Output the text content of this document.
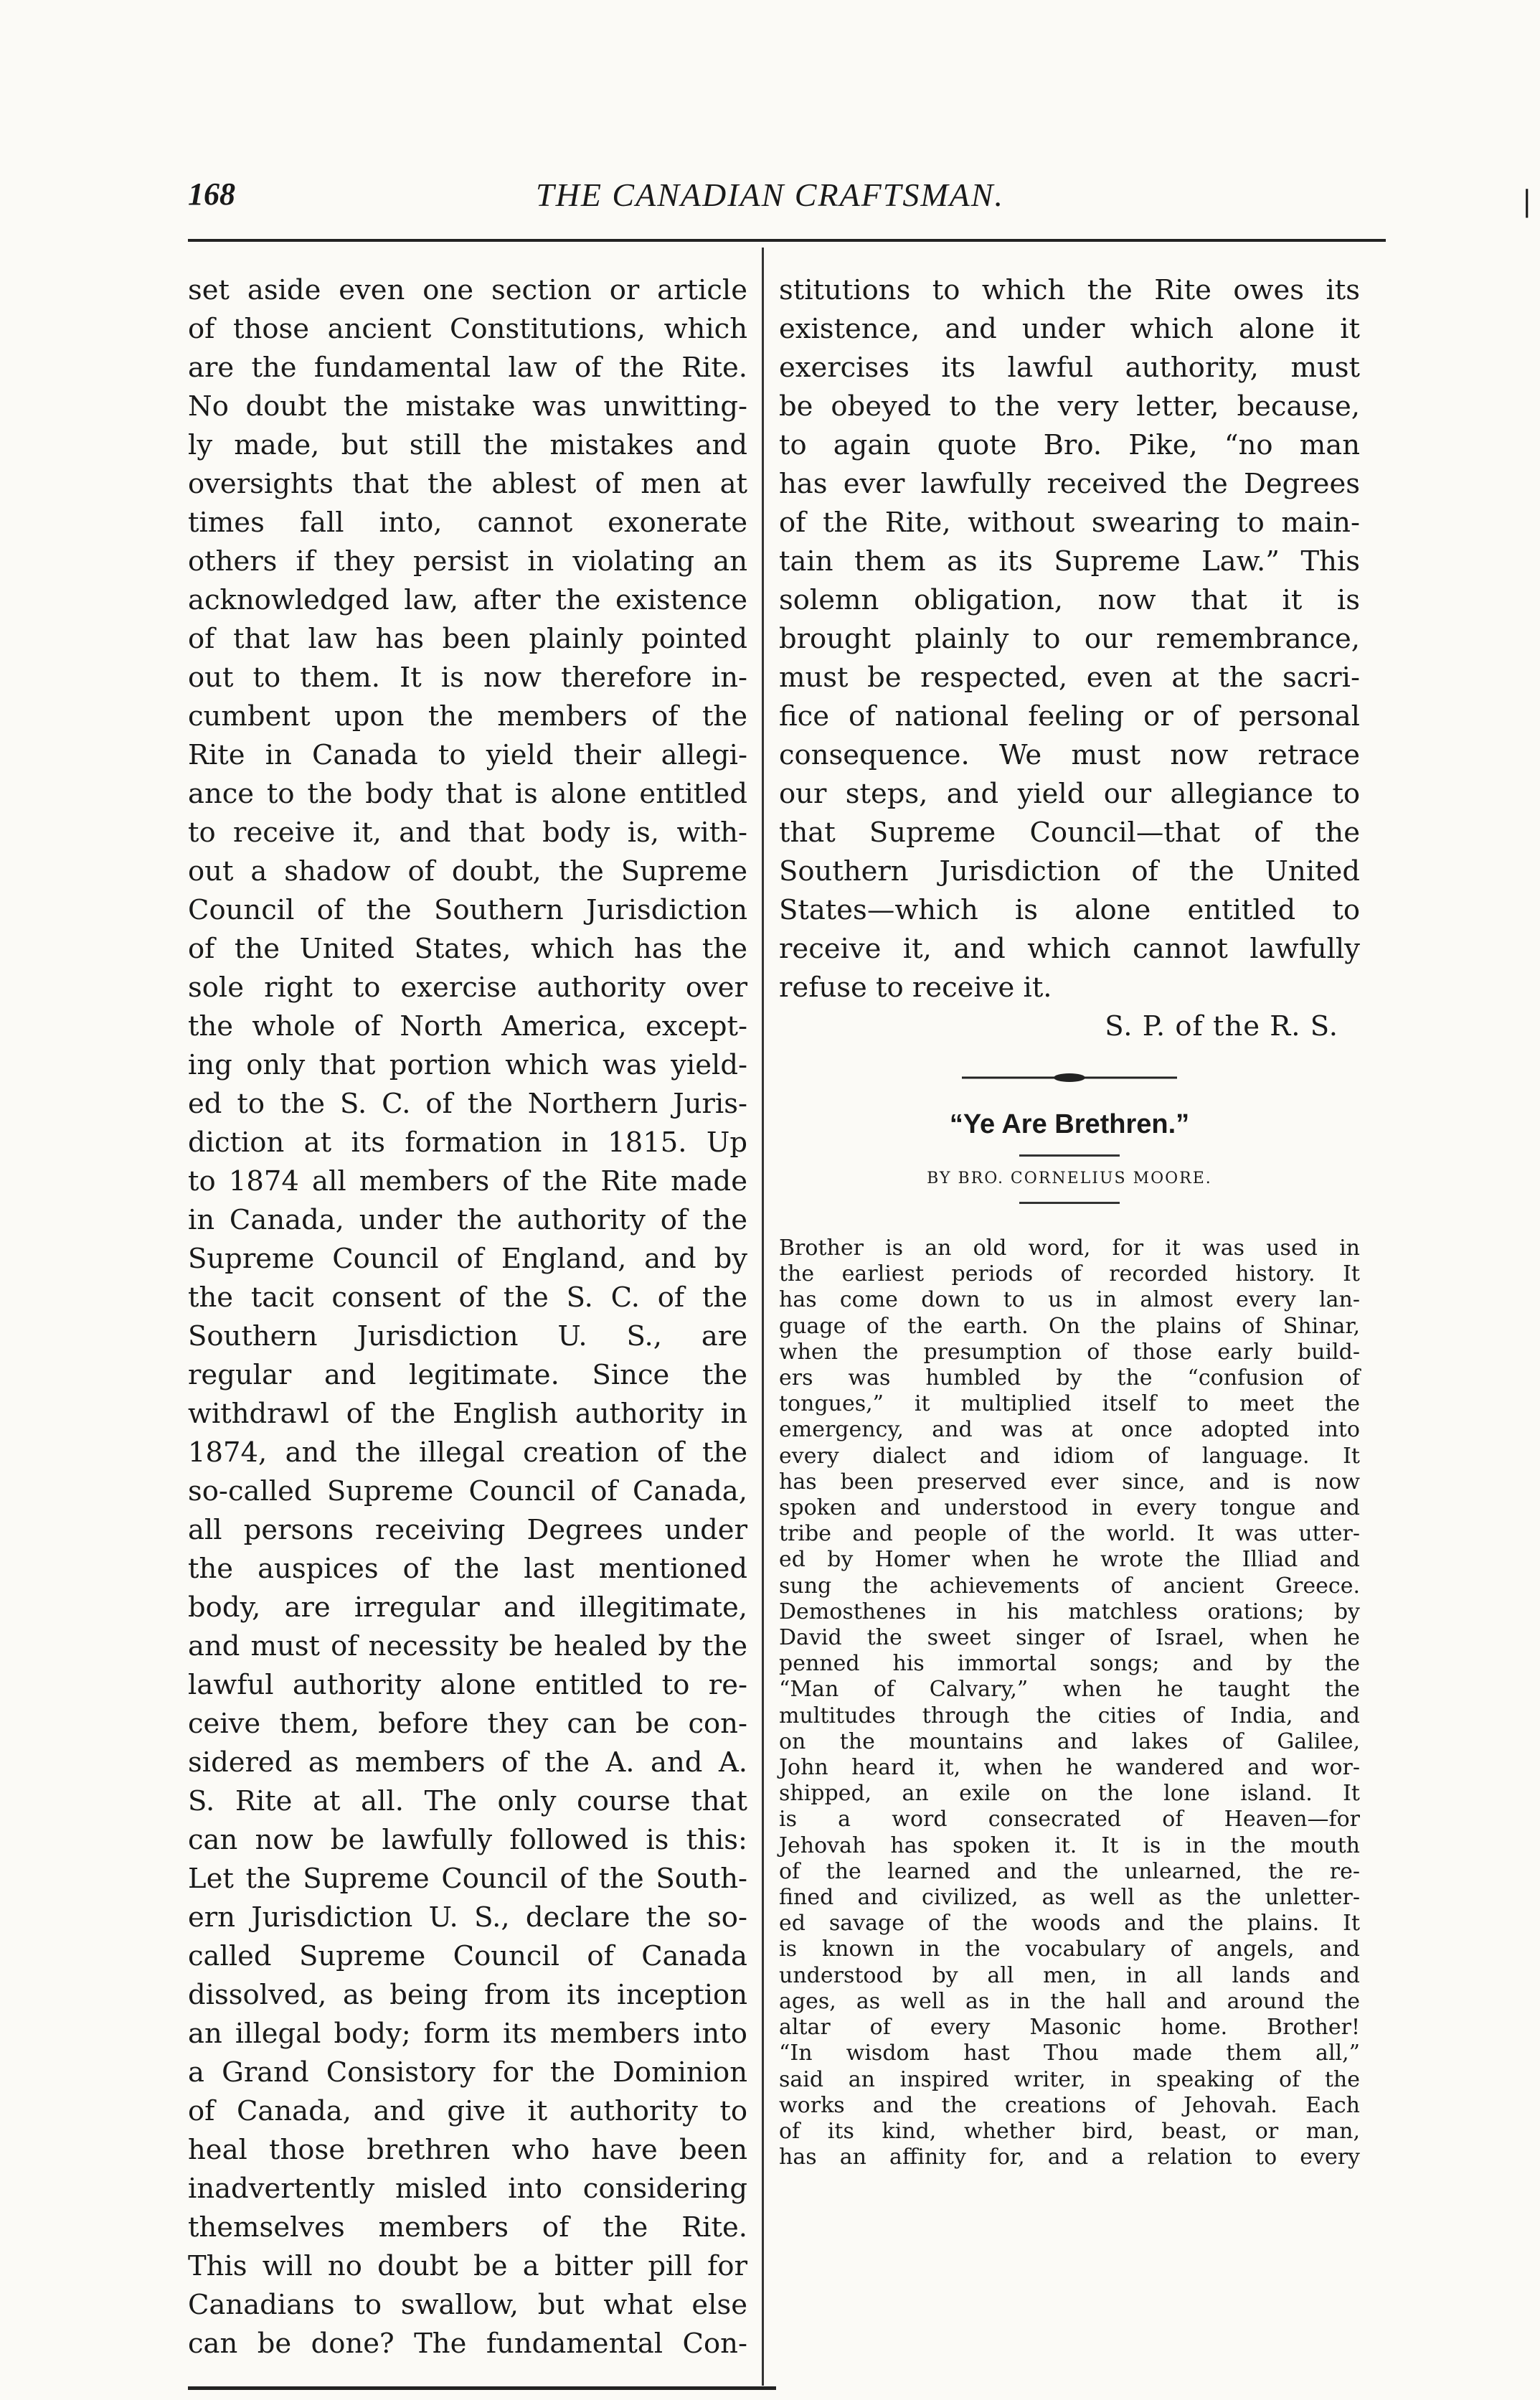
168	THE CANADIAN CRAFTSMAN.	|
set aside even one section or article
of those ancient Constitutions, which
are the fundamental law of the Rite.
No doubt the mistake was unwitting-
ly made, but still the mistakes and
oversights that the ablest of men at
times fall into, cannot exonerate
others if they persist in violating an
acknowledged law, after the existence
of that law has been plainly pointed
out to them. It is now therefore in-
cumbent upon the members of the
Rite in Canada to yield their allegi-
ance to the body that is alone entitled
to receive it, and that body is, with-
out a shadow of doubt, the Supreme
Council of the Southern Jurisdiction
of the United States, which has the
sole right to exercise authority over
the whole of North America, except-
ing only that portion which was yield-
ed to the S. C. of the Northern Juris-
diction at its formation in 1815. Up
to 1874 all members of the Rite made
in Canada, under the authority of the
Supreme Council of England, and by
the tacit consent of the S. C. of the
Southern Jurisdiction U. S., are
regular and legitimate. Since the
withdrawl of the English authority in
1874, and the illegal creation of the
so-called Supreme Council of Canada,
all persons receiving Degrees under
the auspices of the last mentioned
body, are irregular and illegitimate,
and must of necessity be healed by the
lawful authority alone entitled to re-
ceive them, before they can be con-
sidered as members of the A. and A.
S. Rite at all. The only course that
can now be lawfully followed is this:
Let the Supreme Council of the South-
ern Jurisdiction U. S., declare the so-
called Supreme Council of Canada
dissolved, as being from its inception
an illegal body; form its members into
a Grand Consistory for the Dominion
of Canada, and give it authority to
heal those brethren who have been
inadvertently misled into considering
themselves members of the Rite.
This will no doubt be a bitter pill for
Canadians to swallow, but what else
can be done? The fundamental Con-
stitutions to which the Rite owes its
existence, and under which alone it
exercises its lawful authority, must
be obeyed to the very letter, because,
to again quote Bro. Pike, “no man
has ever lawfully received the Degrees
of the Rite, without swearing to main-
tain them as its Supreme Law.” This
solemn obligation, now that it is
brought plainly to our remembrance,
must be respected, even at the sacri-
fice of national feeling or of personal
consequence. We must now retrace
our steps, and yield our allegiance to
that Supreme Council—that of the
Southern Jurisdiction of the United
States—which is alone entitled to
receive it, and which cannot lawfully
refuse to receive it.
S. P. of the R. S.
“Ye Are Brethren.”
BY BRO. CORNELIUS MOORE.
Brother is an old word, for it was used in
the earliest periods of recorded history. It
has come down to us in almost every lan-
guage of the earth. On the plains of Shinar,
when the presumption of those early build-
ers was humbled by the “confusion of
tongues,” it multiplied itself to meet the
emergency, and was at once adopted into
every dialect and idiom of language. It
has been preserved ever since, and is now
spoken and understood in every tongue and
tribe and people of the world. It was utter-
ed by Homer when he wrote the Illiad and
sung the achievements of ancient Greece.
Demosthenes in his matchless orations; by
David the sweet singer of Israel, when he
penned his immortal songs; and by the
“Man of Calvary,” when he taught the
multitudes through the cities of India, and
on the mountains and lakes of Galilee,
John heard it, when he wandered and wor-
shipped, an exile on the lone island. It
is a word consecrated of Heaven—for
Jehovah has spoken it. It is in the mouth
of the learned and the unlearned, the re-
fined and civilized, as well as the unletter-
ed savage of the woods and the plains. It
is known in the vocabulary of angels, and
understood by all men, in all lands and
ages, as well as in the hall and around the
altar of every Masonic home. Brother!
“In wisdom hast Thou made them all,”
said an inspired writer, in speaking of the
works and the creations of Jehovah. Each
of its kind, whether bird, beast, or man,
has an affinity for, and a relation to every
